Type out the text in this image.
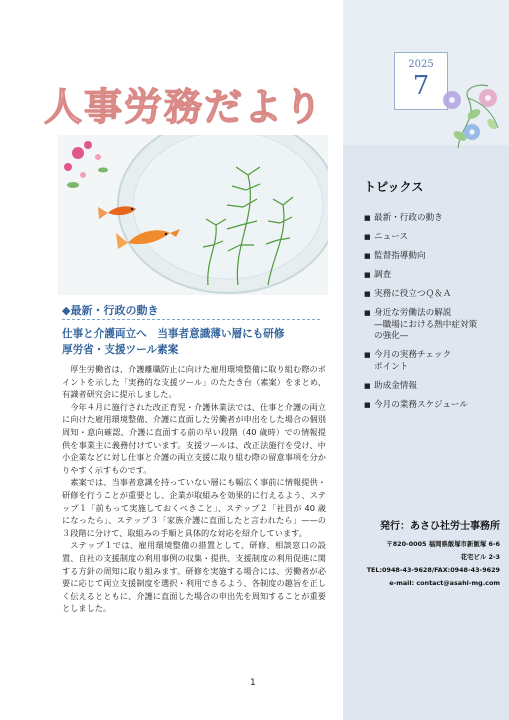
人事労務だより
2025
7
トピックス
■ 最新・行政の動き
■ ニュース
■ 監督指導動向
■ 調査
■ 実務に役立つＱ＆Ａ
■ 身近な労働法の解説
—職場における熱中症対策
の強化—
■ 今月の実務チェック
ポイント
■ 助成金情報
■ 今月の業務スケジュール
◆最新・行政の動き
仕事と介護両立へ　当事者意識薄い層にも研修
厚労省・支援ツール素案

厚生労働省は、介護離職防止に向けた雇用環境整備に取り組む際のポイントを示した「実務的な支援ツール」のたたき台（素案）をまとめ、有識者研究会に提示しました。

今年４月に施行された改正育児・介護休業法では、仕事と介護の両立に向けた雇用環境整備、介護に直面した労働者が申出をした場合の個別周知・意向確認、介護に直面する前の早い段階（40 歳時）での情報提供を事業主に義務付けています。支援ツールは、改正法施行を受け、中小企業などに対し仕事と介護の両立支援に取り組む際の留意事項を分かりやすく示すものです。

素案では、当事者意識を持っていない層にも幅広く事前に情報提供・研修を行うことが重要とし、企業が取組みを効果的に行えるよう、ステップ１「前もって実施しておくべきこと」、ステップ２「社員が 40 歳になったら」、ステップ３「家族介護に直面したと言われたら」——の３段階に分けて、取組みの手順と具体的な対応を紹介しています。

ステップ１では、雇用環境整備の措置として、研修、相談窓口の設置、自社の支援制度の利用事例の収集・提供、支援制度の利用促進に関する方針の周知に取り組みます。研修を実施する場合には、労働者が必要に応じて両立支援制度を選択・利用できるよう、各制度の趣旨を正しく伝えるとともに、介護に直面した場合の申出先を周知することが重要としました。

発行：あさひ社労士事務所
〒820-0005 福岡県飯塚市新飯塚 6-6
花宅ビル 2-3
TEL:0948-43-9628/FAX:0948-43-9629
e-mail: contact@asahi-mg.com
1
